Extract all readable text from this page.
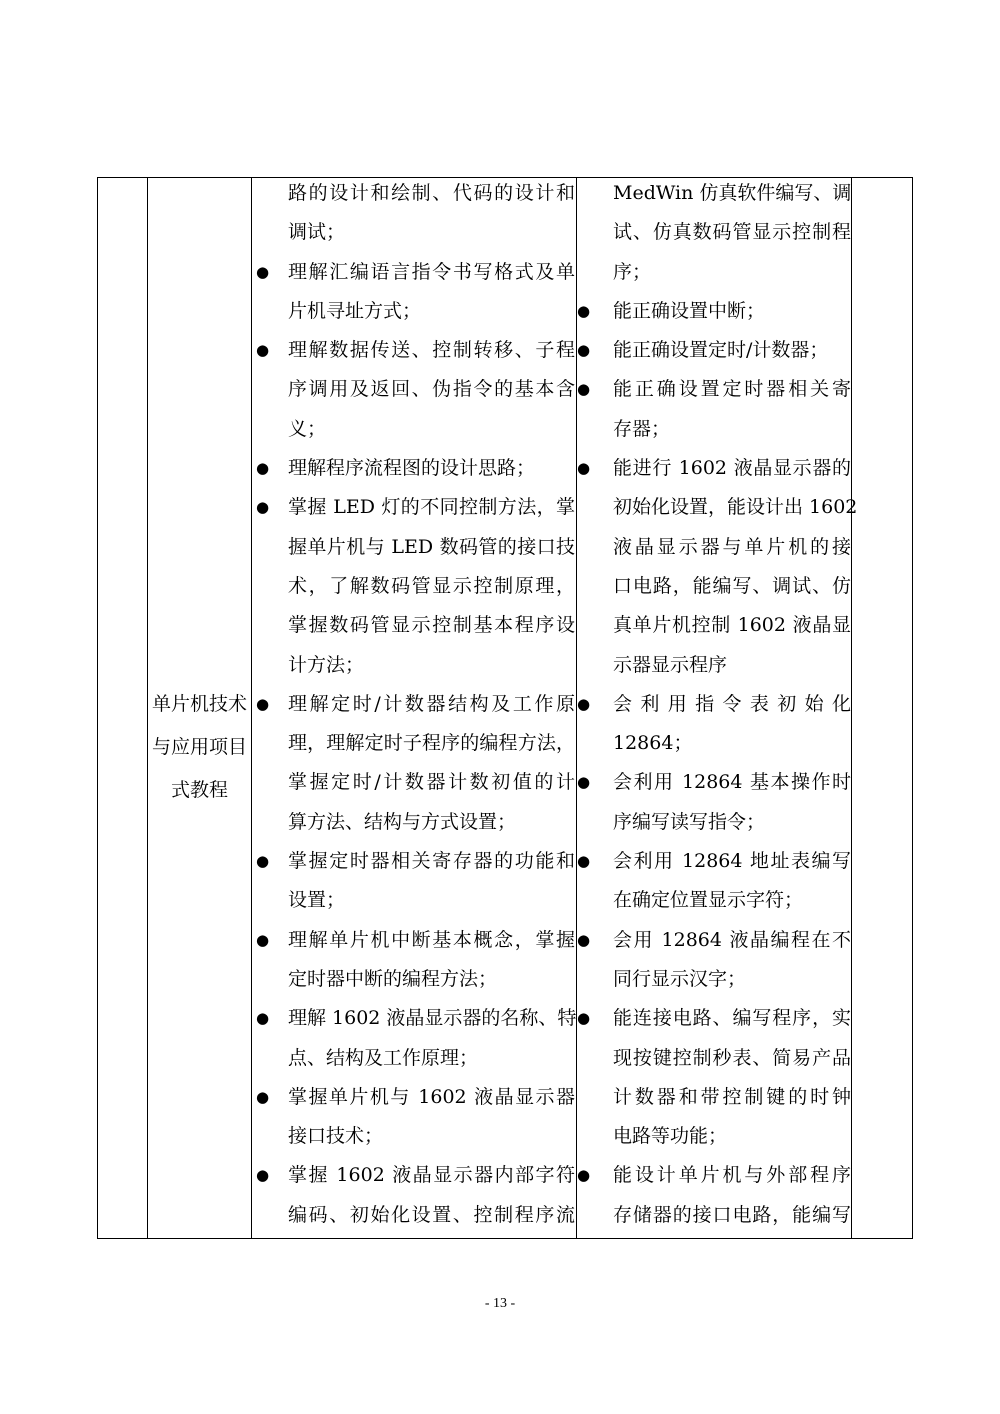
单片机技术
与应用项目
式教程
路的设计和绘制、代码的设计和
调试；
● 理解汇编语言指令书写格式及单
片机寻址方式；
● 理解数据传送、控制转移、子程
序调用及返回、伪指令的基本含
义；
● 理解程序流程图的设计思路；
● 掌握 LED 灯的不同控制方法，掌
握单片机与 LED 数码管的接口技
术，了解数码管显示控制原理，
掌握数码管显示控制基本程序设
计方法；
● 理解定时/计数器结构及工作原
理，理解定时子程序的编程方法，
掌握定时/计数器计数初值的计
算方法、结构与方式设置；
● 掌握定时器相关寄存器的功能和
设置；
● 理解单片机中断基本概念，掌握
定时器中断的编程方法；
● 理解 1602 液晶显示器的名称、特
点、结构及工作原理；
● 掌握单片机与 1602 液晶显示器
接口技术；
● 掌握 1602 液晶显示器内部字符
编码、初始化设置、控制程序流
MedWin 仿真软件编写、调
试、仿真数码管显示控制程
序；
● 能正确设置中断；
● 能正确设置定时/计数器；
● 能正确设置定时器相关寄
存器；
● 能进行 1602 液晶显示器的
初始化设置，能设计出 1602
液晶显示器与单片机的接
口电路，能编写、调试、仿
真单片机控制 1602 液晶显
示器显示程序
● 会利用指令表初始化
12864；
● 会利用 12864 基本操作时
序编写读写指令；
● 会利用 12864 地址表编写
在确定位置显示字符；
● 会用 12864 液晶编程在不
同行显示汉字；
● 能连接电路、编写程序，实
现按键控制秒表、简易产品
计数器和带控制键的时钟
电路等功能；
● 能设计单片机与外部程序
存储器的接口电路，能编写
- 13 -
